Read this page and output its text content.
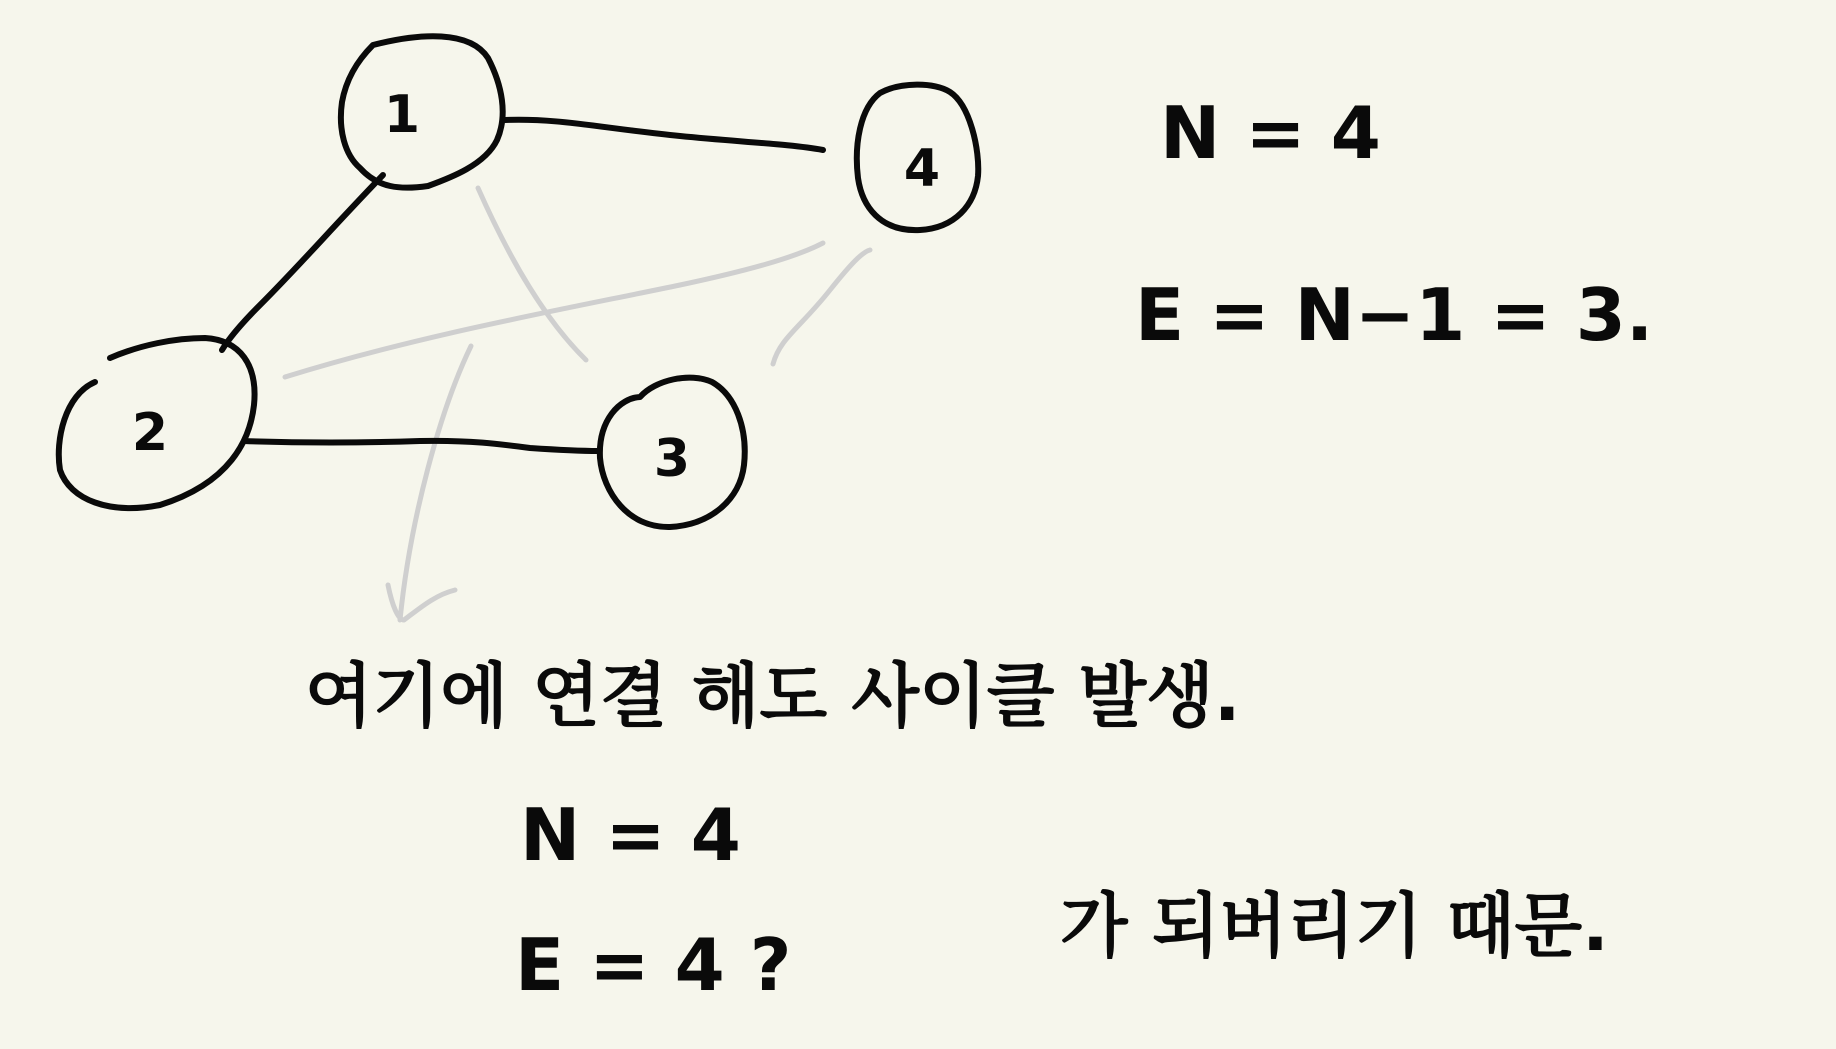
1
2	3
4	N = 4
E = N−1 = 3.
여기에 연결 해도 사이클 발생.
N = 4
E = 4 ?	가 되버리기 때문.
